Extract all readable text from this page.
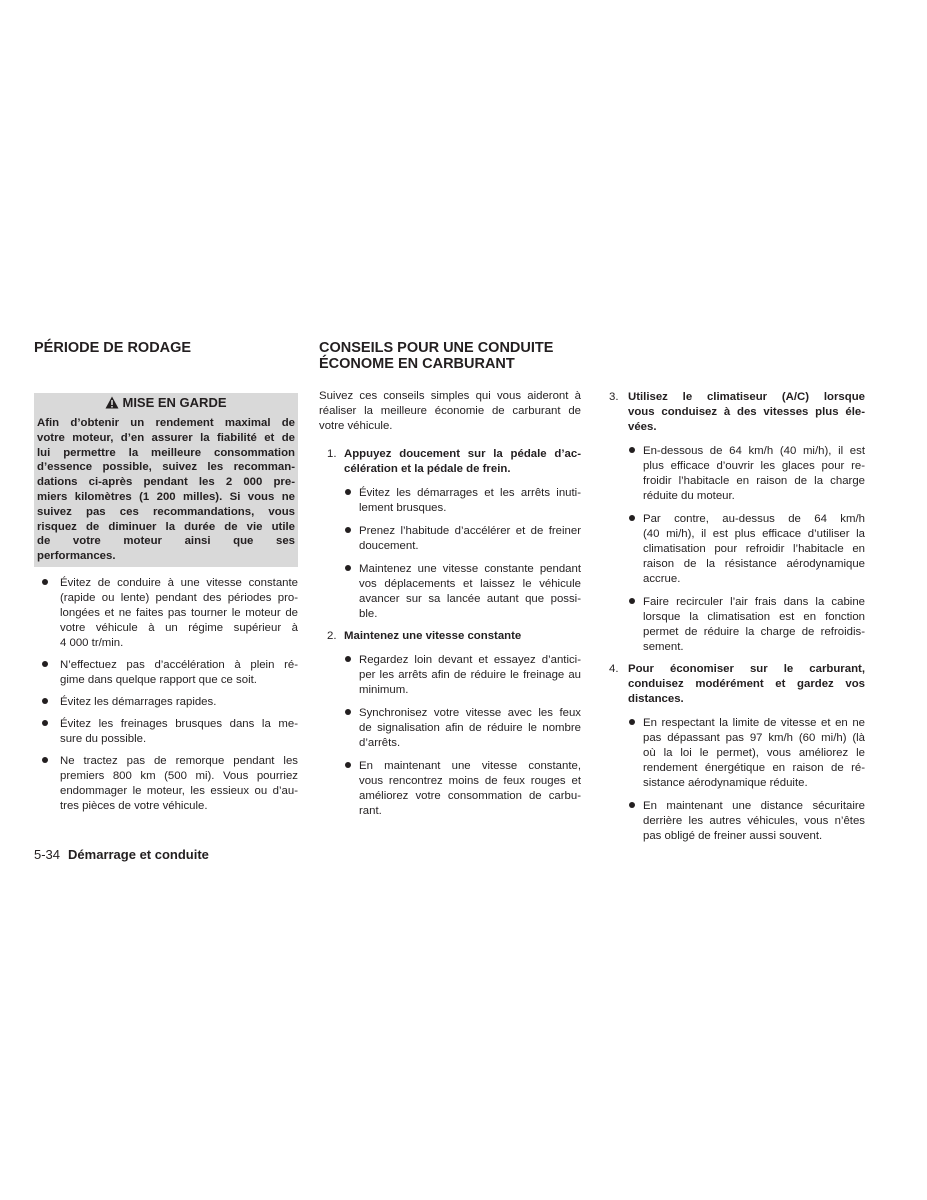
PÉRIODE DE RODAGE
MISE EN GARDE
Afin d’obtenir un rendement maximal de
votre moteur, d’en assurer la fiabilité et de
lui permettre la meilleure consommation
d’essence possible, suivez les recomman-
dations ci-après pendant les 2 000 pre-
miers kilomètres (1 200 milles). Si vous ne
suivez pas ces recommandations, vous
risquez de diminuer la durée de vie utile
de votre moteur ainsi que ses
performances.
Évitez de conduire à une vitesse constante
(rapide ou lente) pendant des périodes pro-
longées et ne faites pas tourner le moteur de
votre véhicule à un régime supérieur à
4 000 tr/min.
N’effectuez pas d’accélération à plein ré-
gime dans quelque rapport que ce soit.
Évitez les démarrages rapides.
Évitez les freinages brusques dans la me-
sure du possible.
Ne tractez pas de remorque pendant les
premiers 800 km (500 mi). Vous pourriez
endommager le moteur, les essieux ou d’au-
tres pièces de votre véhicule.
CONSEILS POUR UNE CONDUITE
ÉCONOME EN CARBURANT
Suivez ces conseils simples qui vous aideront à
réaliser la meilleure économie de carburant de
votre véhicule.
1. Appuyez doucement sur la pédale d’ac-
célération et la pédale de frein.
Évitez les démarrages et les arrêts inuti-
lement brusques.
Prenez l’habitude d’accélérer et de freiner
doucement.
Maintenez une vitesse constante pendant
vos déplacements et laissez le véhicule
avancer sur sa lancée autant que possi-
ble.
2. Maintenez une vitesse constante
Regardez loin devant et essayez d’antici-
per les arrêts afin de réduire le freinage au
minimum.
Synchronisez votre vitesse avec les feux
de signalisation afin de réduire le nombre
d’arrêts.
En maintenant une vitesse constante,
vous rencontrez moins de feux rouges et
améliorez votre consommation de carbu-
rant.
3. Utilisez le climatiseur (A/C) lorsque
vous conduisez à des vitesses plus éle-
vées.
En-dessous de 64 km/h (40 mi/h), il est
plus efficace d’ouvrir les glaces pour re-
froidir l’habitacle en raison de la charge
réduite du moteur.
Par contre, au-dessus de 64 km/h
(40 mi/h), il est plus efficace d’utiliser la
climatisation pour refroidir l’habitacle en
raison de la résistance aérodynamique
accrue.
Faire recirculer l’air frais dans la cabine
lorsque la climatisation est en fonction
permet de réduire la charge de refroidis-
sement.
4. Pour économiser sur le carburant,
conduisez modérément et gardez vos
distances.
En respectant la limite de vitesse et en ne
pas dépassant pas 97 km/h (60 mi/h) (là
où la loi le permet), vous améliorez le
rendement énergétique en raison de ré-
sistance aérodynamique réduite.
En maintenant une distance sécuritaire
derrière les autres véhicules, vous n’êtes
pas obligé de freiner aussi souvent.
5-34 Démarrage et conduite
